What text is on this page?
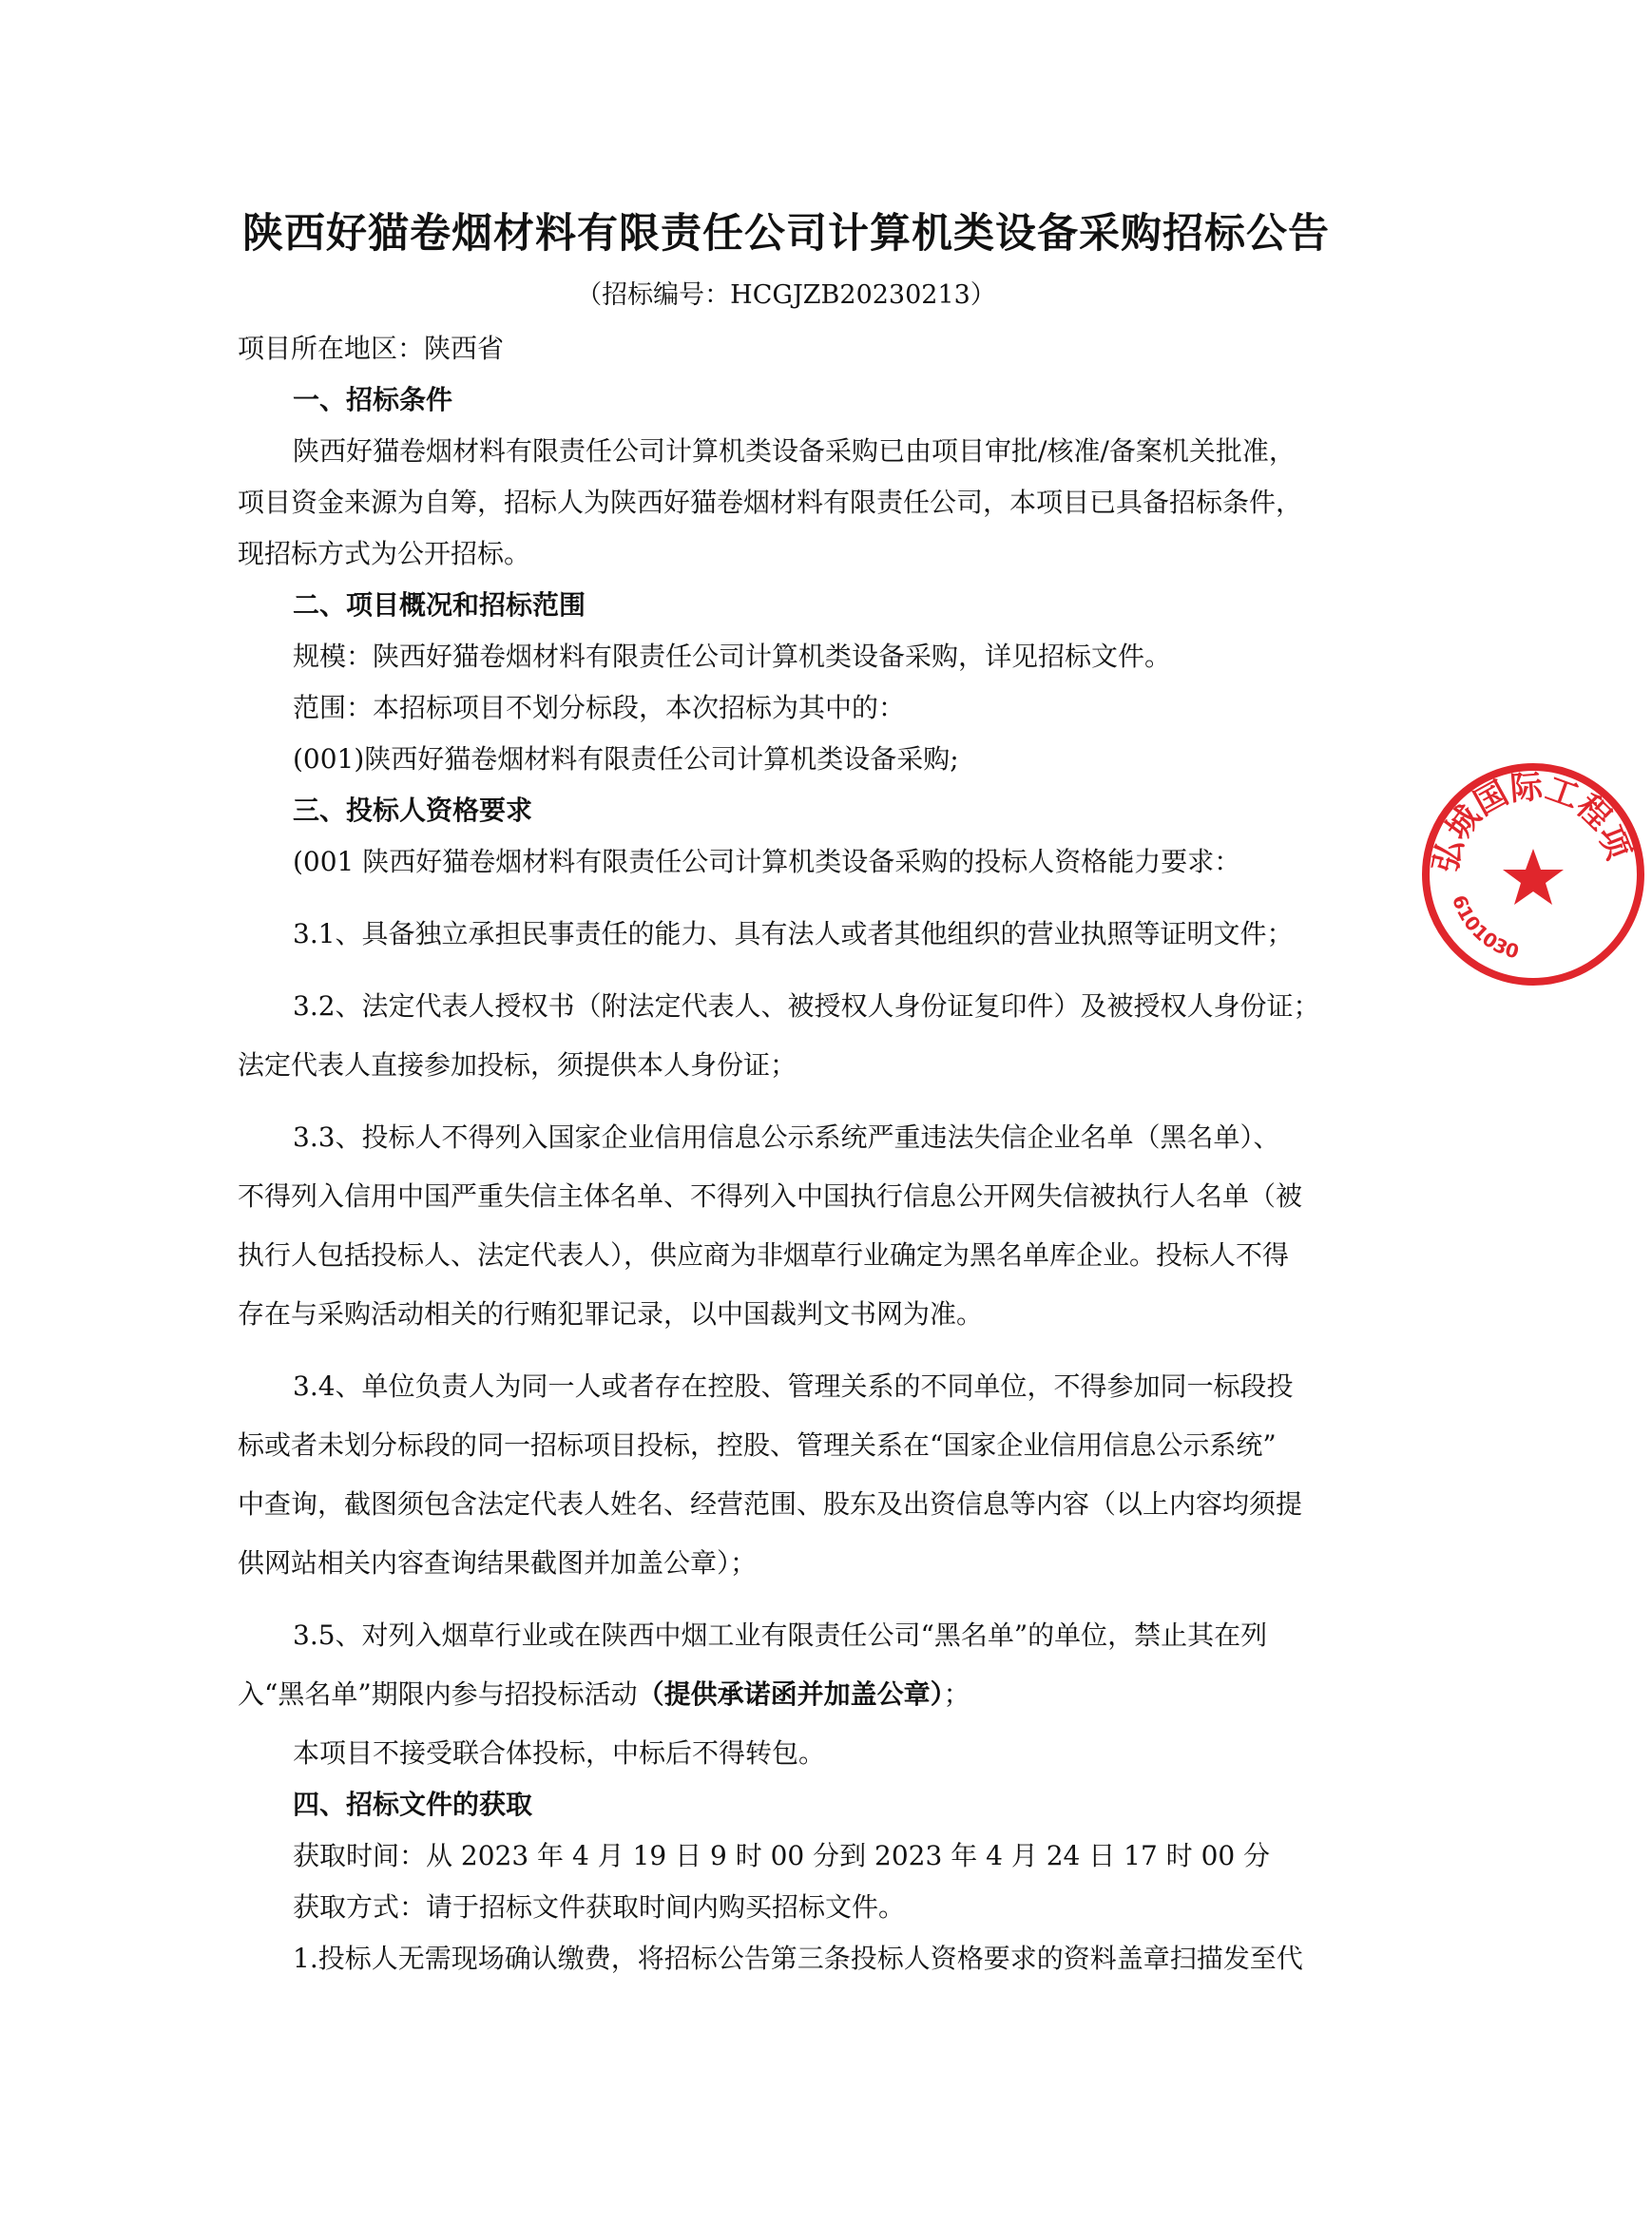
陕西好猫卷烟材料有限责任公司计算机类设备采购招标公告
（招标编号：HCGJZB20230213）
项目所在地区：陕西省
一、招标条件
陕西好猫卷烟材料有限责任公司计算机类设备采购已由项目审批/核准/备案机关批准，
项目资金来源为自筹，招标人为陕西好猫卷烟材料有限责任公司，本项目已具备招标条件，
现招标方式为公开招标。
二、项目概况和招标范围
规模：陕西好猫卷烟材料有限责任公司计算机类设备采购，详见招标文件。
范围：本招标项目不划分标段，本次招标为其中的：
(001)陕西好猫卷烟材料有限责任公司计算机类设备采购;
三、投标人资格要求
(001 陕西好猫卷烟材料有限责任公司计算机类设备采购的投标人资格能力要求：
3.1、具备独立承担民事责任的能力、具有法人或者其他组织的营业执照等证明文件；
3.2、法定代表人授权书（附法定代表人、被授权人身份证复印件）及被授权人身份证；
法定代表人直接参加投标，须提供本人身份证；
3.3、投标人不得列入国家企业信用信息公示系统严重违法失信企业名单（黑名单）、
不得列入信用中国严重失信主体名单、不得列入中国执行信息公开网失信被执行人名单（被
执行人包括投标人、法定代表人），供应商为非烟草行业确定为黑名单库企业。投标人不得
存在与采购活动相关的行贿犯罪记录，以中国裁判文书网为准。
3.4、单位负责人为同一人或者存在控股、管理关系的不同单位，不得参加同一标段投
标或者未划分标段的同一招标项目投标，控股、管理关系在“国家企业信用信息公示系统”
中查询，截图须包含法定代表人姓名、经营范围、股东及出资信息等内容（以上内容均须提
供网站相关内容查询结果截图并加盖公章）；
3.5、对列入烟草行业或在陕西中烟工业有限责任公司“黑名单”的单位，禁止其在列
入“黑名单”期限内参与招投标活动（提供承诺函并加盖公章）；
本项目不接受联合体投标，中标后不得转包。
四、招标文件的获取
获取时间：从 2023 年 4 月 19 日 9 时 00 分到 2023 年 4 月 24 日 17 时 00 分
获取方式：请于招标文件获取时间内购买招标文件。
1.投标人无需现场确认缴费，将招标公告第三条投标人资格要求的资料盖章扫描发至代
弘城国际工程项
6101030
